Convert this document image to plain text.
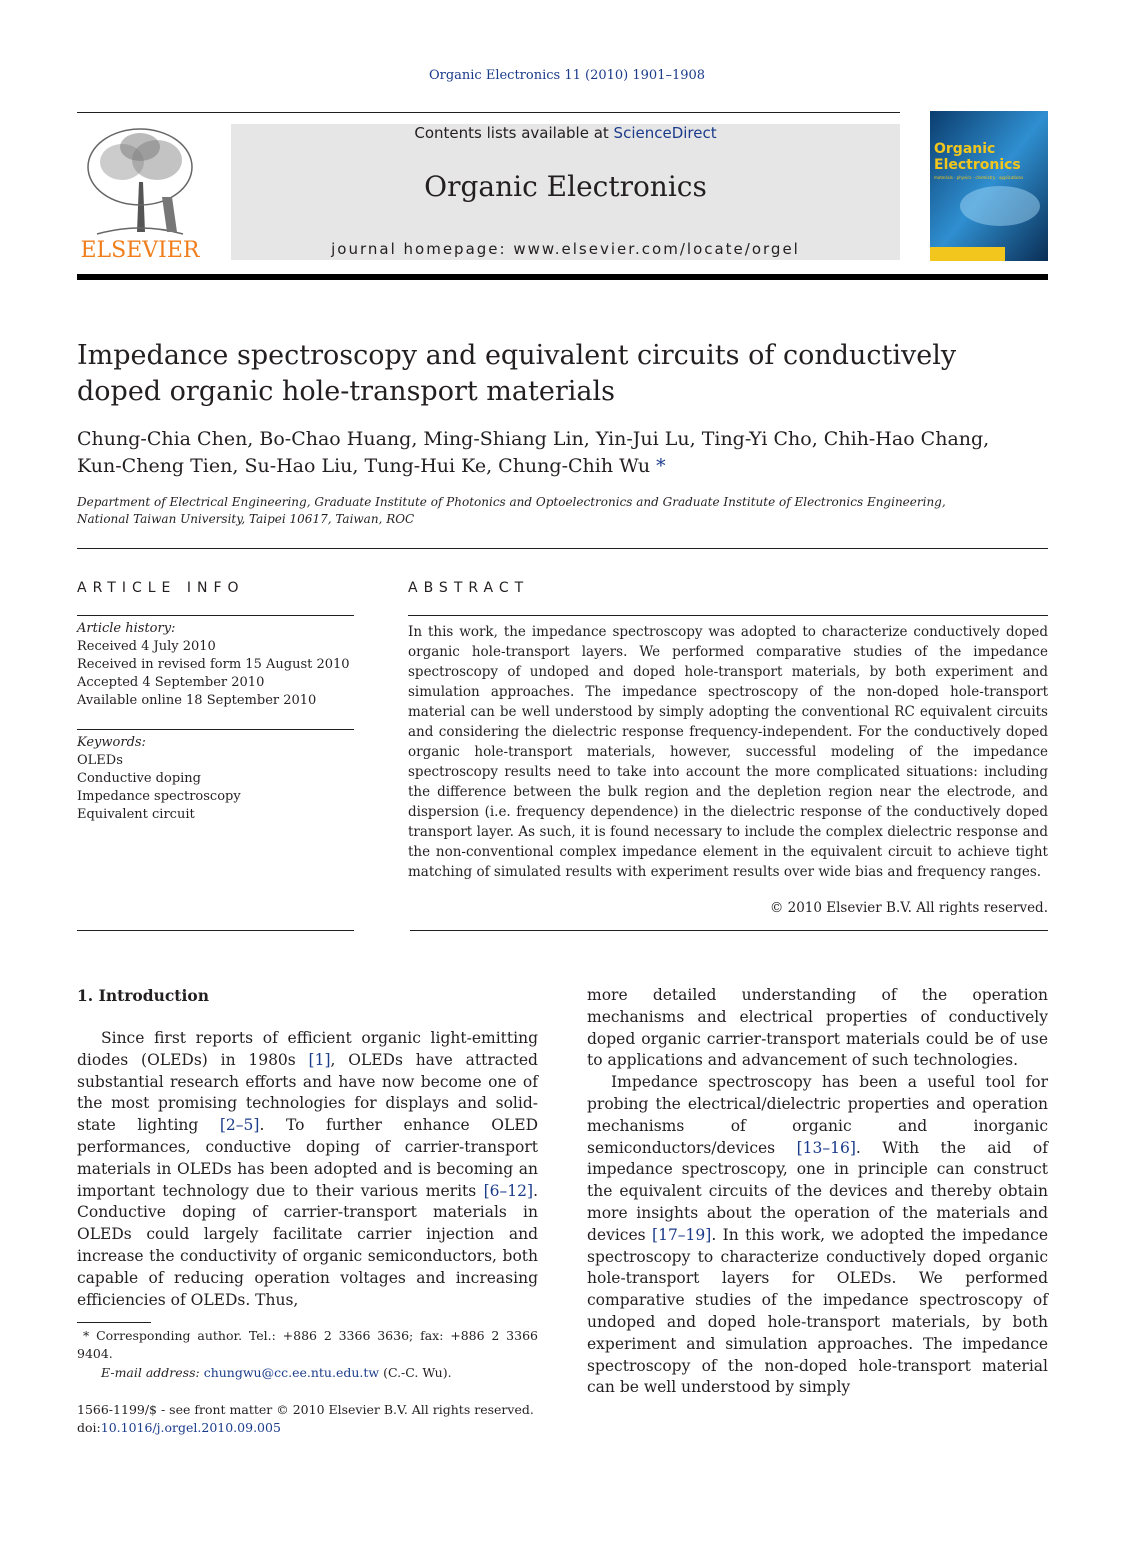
Organic Electronics 11 (2010) 1901–1908
ELSEVIER
Contents lists available at ScienceDirect
Organic Electronics
journal homepage: www.elsevier.com/locate/orgel
Organic
Electronics
materials · physics · chemistry · applications
Impedance spectroscopy and equivalent circuits of conductively
doped organic hole-transport materials
Chung-Chia Chen, Bo-Chao Huang, Ming-Shiang Lin, Yin-Jui Lu, Ting-Yi Cho, Chih-Hao Chang,
Kun-Cheng Tien, Su-Hao Liu, Tung-Hui Ke, Chung-Chih Wu *
Department of Electrical Engineering, Graduate Institute of Photonics and Optoelectronics and Graduate Institute of Electronics Engineering,
National Taiwan University, Taipei 10617, Taiwan, ROC
ARTICLE INFO
Article history:
Received 4 July 2010
Received in revised form 15 August 2010
Accepted 4 September 2010
Available online 18 September 2010
Keywords:
OLEDs
Conductive doping
Impedance spectroscopy
Equivalent circuit
ABSTRACT
In this work, the impedance spectroscopy was adopted to characterize conductively doped organic hole-transport layers. We performed comparative studies of the impedance spectroscopy of undoped and doped hole-transport materials, by both experiment and simulation approaches. The impedance spectroscopy of the non-doped hole-transport material can be well understood by simply adopting the conventional RC equivalent circuits and considering the dielectric response frequency-independent. For the conductively doped organic hole-transport materials, however, successful modeling of the impedance spectroscopy results need to take into account the more complicated situations: including the difference between the bulk region and the depletion region near the electrode, and dispersion (i.e. frequency dependence) in the dielectric response of the conductively doped transport layer. As such, it is found necessary to include the complex dielectric response and the non-conventional complex impedance element in the equivalent circuit to achieve tight matching of simulated results with experiment results over wide bias and frequency ranges.
© 2010 Elsevier B.V. All rights reserved.
1. Introduction

Since first reports of efficient organic light-emitting diodes (OLEDs) in 1980s [1], OLEDs have attracted substantial research efforts and have now become one of the most promising technologies for displays and solid-state lighting [2–5]. To further enhance OLED performances, conductive doping of carrier-transport materials in OLEDs has been adopted and is becoming an important technology due to their various merits [6–12]. Conductive doping of carrier-transport materials in OLEDs could largely facilitate carrier injection and increase the conductivity of organic semiconductors, both capable of reducing operation voltages and increasing efficiencies of OLEDs. Thus,

more detailed understanding of the operation mechanisms and electrical properties of conductively doped organic carrier-transport materials could be of use to applications and advancement of such technologies.

Impedance spectroscopy has been a useful tool for probing the electrical/dielectric properties and operation mechanisms of organic and inorganic semiconductors/devices [13–16]. With the aid of impedance spectroscopy, one in principle can construct the equivalent circuits of the devices and thereby obtain more insights about the operation of the materials and devices [17–19]. In this work, we adopted the impedance spectroscopy to characterize conductively doped organic hole-transport layers for OLEDs. We performed comparative studies of the impedance spectroscopy of undoped and doped hole-transport materials, by both experiment and simulation approaches. The impedance spectroscopy of the non-doped hole-transport material can be well understood by simply

* Corresponding author. Tel.: +886 2 3366 3636; fax: +886 2 3366 9404.
E-mail address: chungwu@cc.ee.ntu.edu.tw (C.-C. Wu).
1566-1199/$ - see front matter © 2010 Elsevier B.V. All rights reserved.
doi:10.1016/j.orgel.2010.09.005
